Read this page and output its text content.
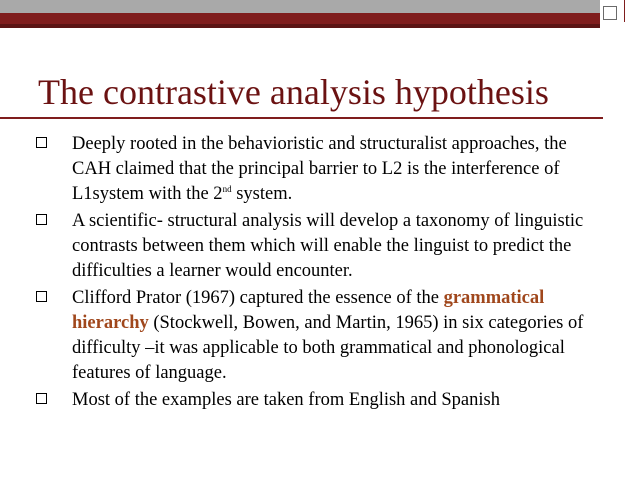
The contrastive analysis hypothesis
Deeply rooted in the behavioristic and structuralist approaches, the CAH claimed that the principal barrier to L2 is the interference of L1system with the 2nd system.
A scientific- structural analysis will develop a taxonomy of linguistic contrasts between them which will enable the linguist to predict the difficulties a learner would encounter.
Clifford Prator (1967) captured the essence of the grammatical hierarchy (Stockwell, Bowen, and Martin, 1965) in six categories of difficulty –it was applicable to both grammatical and phonological features of language.
Most of the examples are taken from English and Spanish
